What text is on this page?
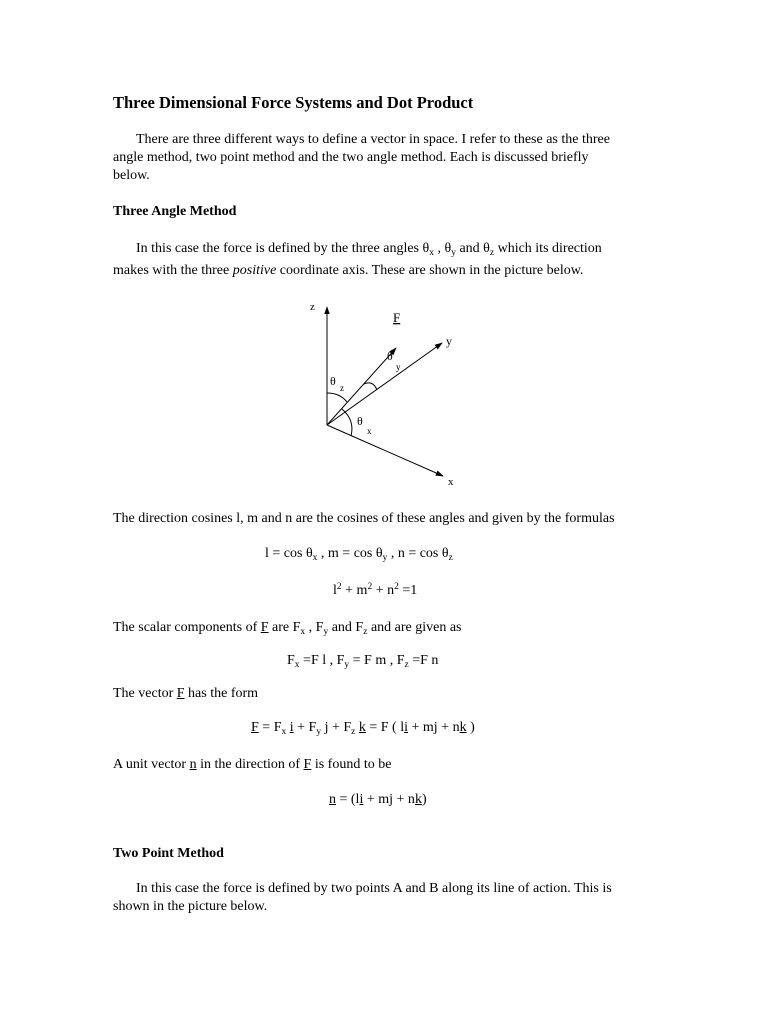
Three Dimensional Force Systems and Dot Product
There are three different ways to define a vector in space. I refer to these as the three
angle method, two point method and the two angle method. Each is discussed briefly
below.
Three Angle Method
In this case the force is defined by the three angles $\theta_x$ , $\theta_y$ and $\theta_z$ which its direction
makes with the three positive coordinate axis. These are shown in the picture below.
z
y
x
F
θ z
θ
y
θ
x
The direction cosines l, m and n are the cosines of these angles and given by the formulas
$l = \cos \theta_x$ , $m = \cos \theta_y$ , $n = \cos \theta_z$
$l^2 + m^2 + n^2 =1$
The scalar components of F are $F_x$ , $F_y$ and $F_z$ and are given as
$F_x =F$ l , $F_y = F$ m , $F_z =F$ n
The vector F has the form
$F = F_x$ $i + F_y$ $j + F_z$ k = F ( li + mj + nk )
A unit vector n in the direction of F is found to be
n = (li + mj + nk)
Two Point Method
In this case the force is defined by two points A and B along its line of action. This is
shown in the picture below.
